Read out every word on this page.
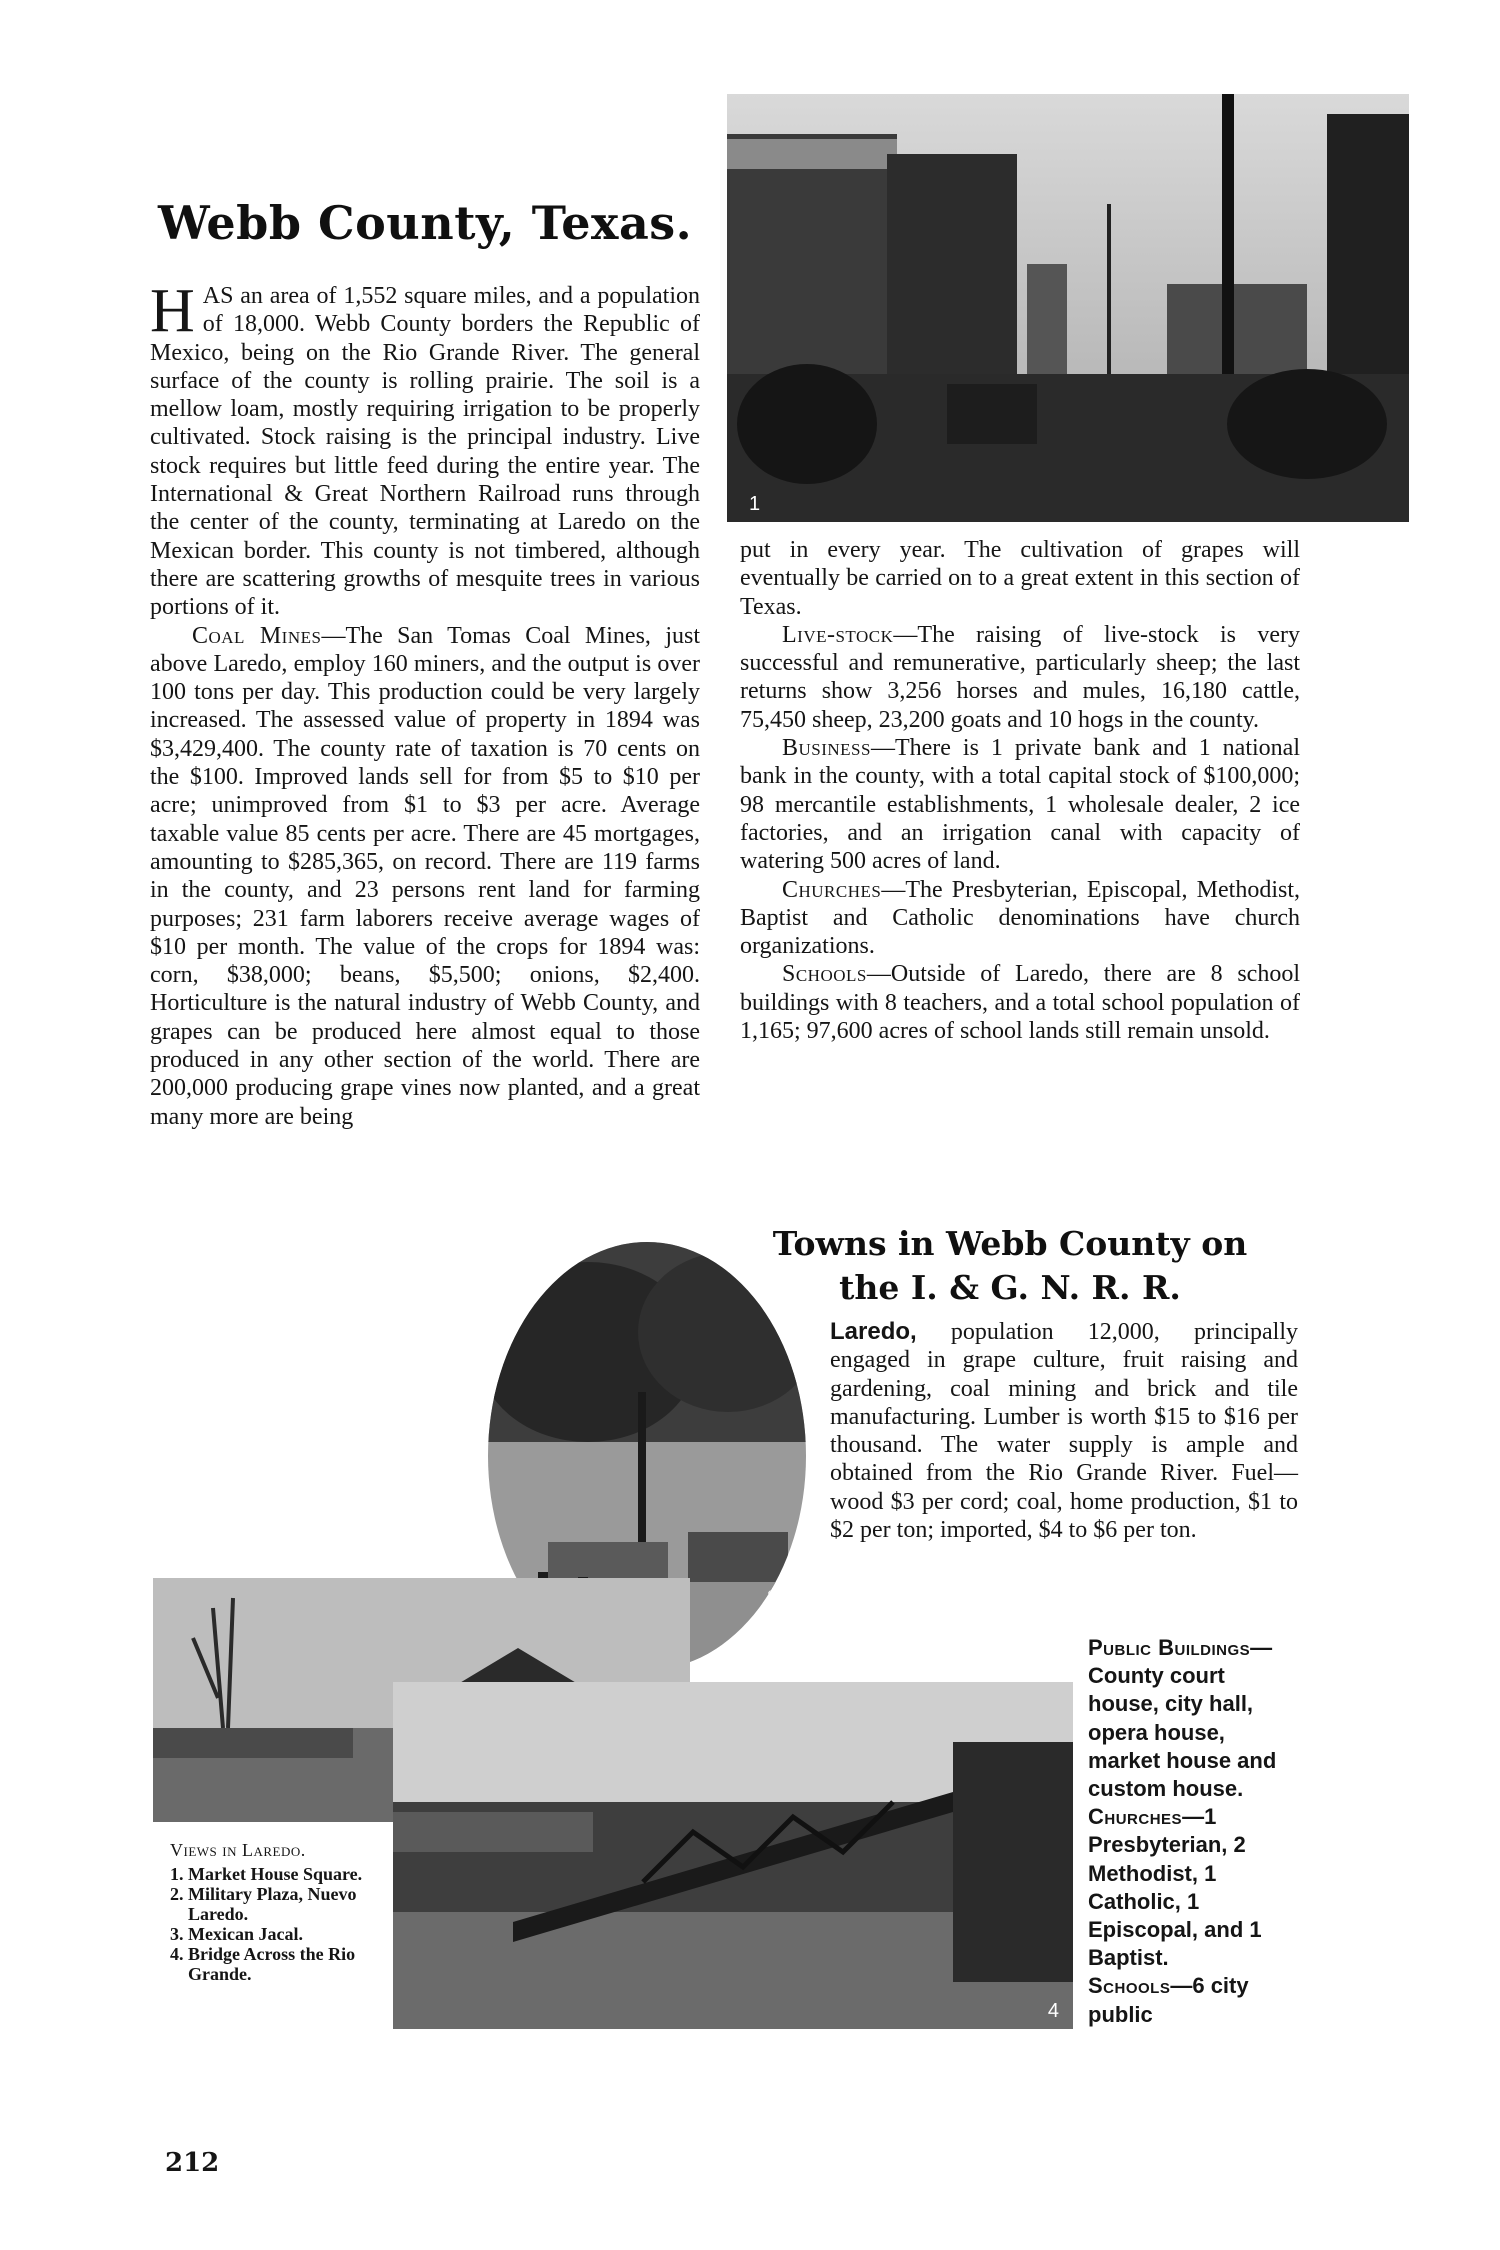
Webb County, Texas.
1

HAS an area of 1,552 square miles, and a population of 18,000. Webb County borders the Republic of Mexico, being on the Rio Grande River. The general surface of the county is rolling prairie. The soil is a mellow loam, mostly requiring irrigation to be properly cultivated. Stock raising is the principal industry. Live stock requires but little feed during the entire year. The International & Great Northern Railroad runs through the center of the county, terminating at Laredo on the Mexican border. This county is not timbered, although there are scattering growths of mesquite trees in various portions of it.

Coal Mines—The San Tomas Coal Mines, just above Laredo, employ 160 miners, and the output is over 100 tons per day. This production could be very largely increased. The assessed value of property in 1894 was $3,429,400. The county rate of taxation is 70 cents on the $100. Improved lands sell for from $5 to $10 per acre; unimproved from $1 to $3 per acre. Average taxable value 85 cents per acre. There are 45 mortgages, amounting to $285,365, on record. There are 119 farms in the county, and 23 persons rent land for farming purposes; 231 farm laborers receive average wages of $10 per month. The value of the crops for 1894 was: corn, $38,000; beans, $5,500; onions, $2,400. Horticulture is the natural industry of Webb County, and grapes can be produced here almost equal to those produced in any other section of the world. There are 200,000 producing grape vines now planted, and a great many more are being

2
4

put in every year. The cultivation of grapes will eventually be carried on to a great extent in this section of Texas.

Live-stock—The raising of live-stock is very successful and remunerative, particularly sheep; the last returns show 3,256 horses and mules, 16,180 cattle, 75,450 sheep, 23,200 goats and 10 hogs in the county.

Business—There is 1 private bank and 1 national bank in the county, with a total capital stock of $100,000; 98 mercantile establishments, 1 wholesale dealer, 2 ice factories, and an irrigation canal with capacity of watering 500 acres of land.

Churches—The Presbyterian, Episcopal, Methodist, Baptist and Catholic denominations have church organizations.

Schools—Outside of Laredo, there are 8 school buildings with 8 teachers, and a total school population of 1,165; 97,600 acres of school lands still remain unsold.

Towns in Webb County on the I. & G. N. R. R.

Laredo, population 12,000, principally engaged in grape culture, fruit raising and gardening, coal mining and brick and tile manufacturing. Lumber is worth $15 to $16 per thousand. The water supply is ample and obtained from the Rio Grande River. Fuel—wood $3 per cord; coal, home production, $1 to $2 per ton; imported, $4 to $6 per ton.

Public Buildings—County court house, city hall, opera house, market house and custom house.

Churches—1 Presbyterian, 2 Methodist, 1 Catholic, 1 Episcopal, and 1 Baptist.

Schools—6 city public

Views in Laredo.
1. Market House Square.
2. Military Plaza, Nuevo Laredo.
3. Mexican Jacal.
4. Bridge Across the Rio Grande.
212
